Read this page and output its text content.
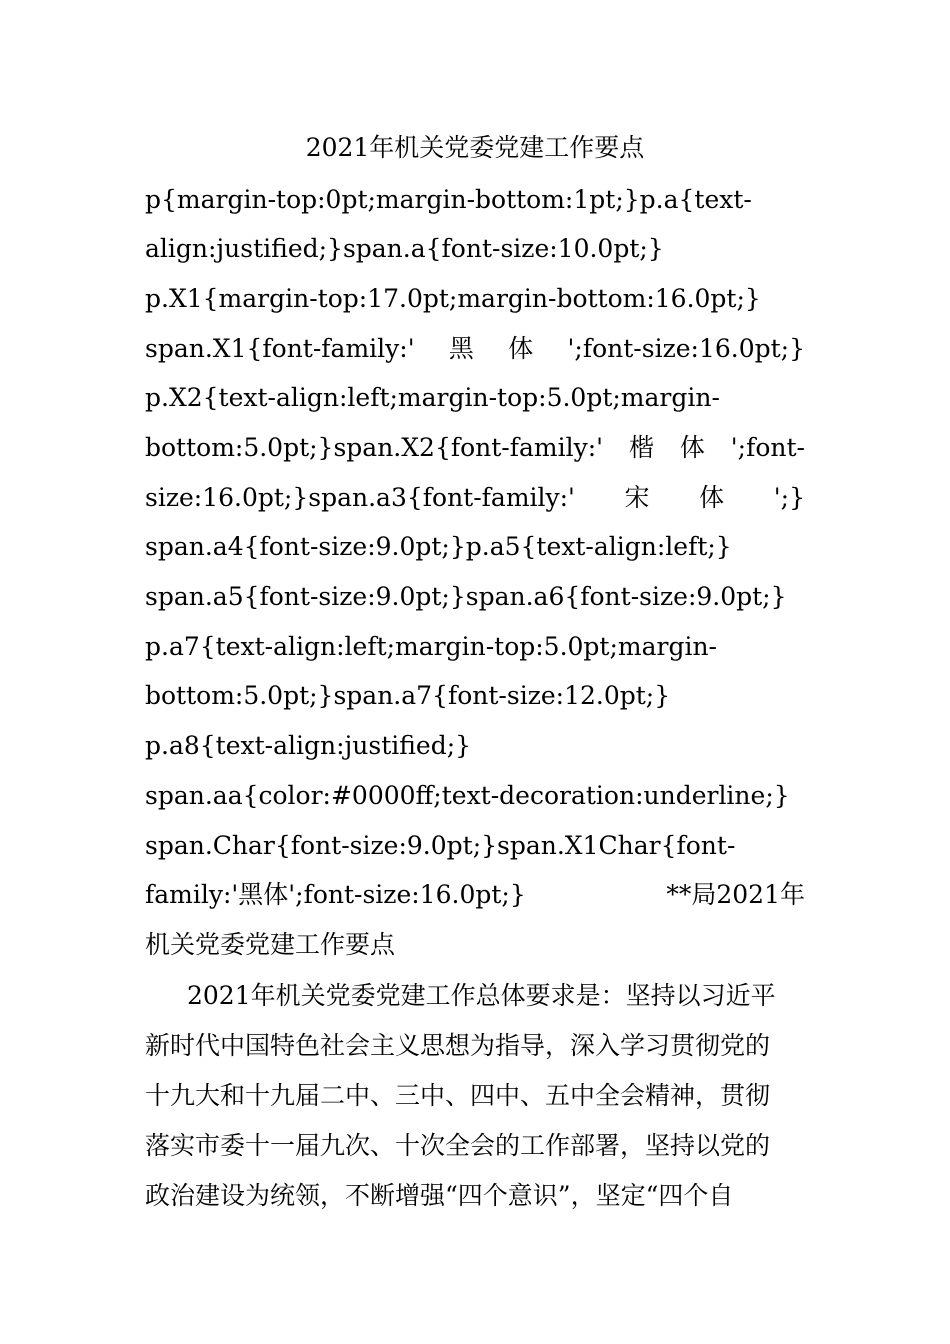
2021年机关党委党建工作要点
p{margin-top:0pt;margin-bottom:1pt;}p.a{text-
align:justified;}span.a{font-size:10.0pt;}
p.X1{margin-top:17.0pt;margin-bottom:16.0pt;}
span.X1{font-family:' 黑 体 ';font-size:16.0pt;}
p.X2{text-align:left;margin-top:5.0pt;margin-
bottom:5.0pt;}span.X2{font-family:' 楷 体 ';font-
size:16.0pt;}span.a3{font-family:' 宋 体 ';}
span.a4{font-size:9.0pt;}p.a5{text-align:left;}
span.a5{font-size:9.0pt;}span.a6{font-size:9.0pt;}
p.a7{text-align:left;margin-top:5.0pt;margin-
bottom:5.0pt;}span.a7{font-size:12.0pt;}
p.a8{text-align:justified;}
span.aa{color:#0000ff;text-decoration:underline;}
span.Char{font-size:9.0pt;}span.X1Char{font-
family:'黑体';font-size:16.0pt;}	**局2021年
机关党委党建工作要点
2021年机关党委党建工作总体要求是：坚持以习近平
新时代中国特色社会主义思想为指导，深入学习贯彻党的
十九大和十九届二中、三中、四中、五中全会精神，贯彻
落实市委十一届九次、十次全会的工作部署，坚持以党的
政治建设为统领，不断增强“四个意识”，坚定“四个自
